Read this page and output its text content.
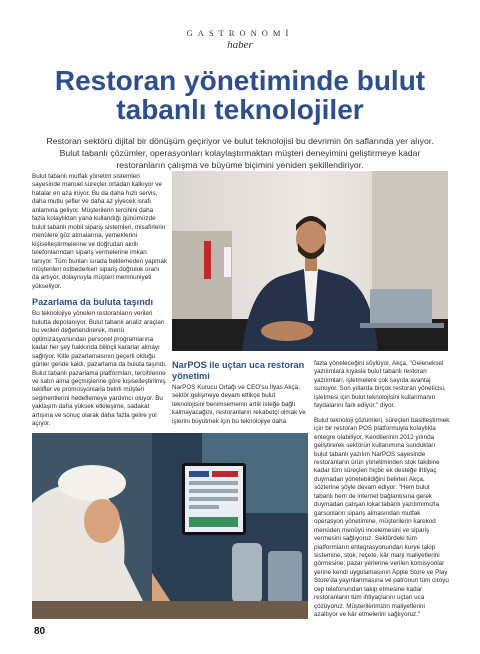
GASTRONOMİ
haber
Restoran yönetiminde bulut tabanlı teknolojiler
Restoran sektörü dijital bir dönüşüm geçiriyor ve bulut teknolojisi bu devrimin ön saflarında yer alıyor. Bulut tabanlı çözümler, operasyonları kolaylaştırmaktan müşteri deneyimini geliştirmeye kadar restoranların çalışma ve büyüme biçimini yeniden şekillendiriyor.

Bulut tabanlı mutfak yönetim sistemleri sayesinde manuel süreçler ortadan kalkıyor ve hatalar en aza iniyor. Bu da daha hızlı servis, daha mutlu şefler ve daha az yiyecek israfı anlamına geliyor. Müşterilerin tercihini daha fazla kolaylıktan yana kullandığı günümüzde bulut tabanlı mobil sipariş sistemleri, misafirlerin menülere göz atmalarına, yemeklerini kişiselleştirmelerine ve doğrudan akıllı telefonlarından sipariş vermelerine imkan tanıyor. Tüm bunları sırada beklemeden yapmak müşterileri ostbederken sipariş doğruluk oranı da artıyor, dolayısıyla müşteri memnuniyeti yükseliyor.

Pazarlama da buluta taşındı

Bu teknolojiye yönelen restoranların verileri bulutta depolanıyor. Bulut tabanlı analiz araçları bu verileri değerlendirerek, menü optimizasyonundan personel programlarına kadar her şey hakkında bilinçli kararlar almayı sağlıyor. Kitle pazarlamasının geçerli olduğu günler geride kaldı, pazarlama da buluta taşındı. Bulut tabanlı pazarlama platformları, tercihlerine ve satın alma geçmişlerine göre kişiselleştirilmiş teklifler ve promosyonlarla belirli müşteri segmentlerini hedeflemeye yardımcı oluyor. Bu yaklaşım daha yüksek etkileşime, sadakat artışına ve sonuç olarak daha fazla gelire yol açıyor.

NarPOS ile uçtan uca restoran yönetimi

NarPOS Kurucu Ortağı ve CEO'su İlyas Akça, sektör gelişmeye devam ettikçe bulut teknolojisini benimsemenin artık isteğe bağlı kalmayacağını, restoranların rekabetçi olmak ve işlerini büyütmek için bu teknolojiye daha

fazla yöneleceğini söylüyor. Akça, "Geleneksel yazılımlara kıyasla bulut tabanlı restoran yazılımları, işletmelere çok sayıda avantaj sunuyor. Son yıllarda birçok restoran yöneticisi, işletmesi için bulut teknolojisini kullanmanın faydalarını fark ediyor." diyor.

Bulut teknoloji çözümleri, süreçleri basitleştirmek için bir restoran POS platformuyla kolaylıkla entegre olabiliyor. Kendilerinin 2012 yılında geliştirerek sektörün kullanımına sundukları bulut tabanlı yazılım NarPOS sayesinde restoranların ürün yönetiminden stok takibine kadar tüm süreçleri hiçbir ek desteğe ihtiyaç duymadan yönetebildiğini belirten Akça, sözlerine şöyle devam ediyor: "Hem bulut tabanlı hem de internet bağlantısına gerek duymadan çalışan lokal tabanlı yazılımımızla garsonların sipariş almasından mutfak operasyon yönetimine, müşterilerin karekod menüden menüyü incelemesini ve sipariş vermesini sağlıyoruz. Sektördeki tüm platformların entegrasyonundan kurye takip sistemine, stok, reçete, kâr marjı maliyetlerini görmesine; pazar yerlerine verilen komisyonlar yerine kendi uygulamasının Apple Store ve Play Store'da yayınlanmasına ve patronun tüm ciroyu cep telefonundan takip etmesine kadar restoranların tüm ihtiyaçlarını uçtan uca çözüyoruz. Müşterilerimizin maliyetlerini azaltıyor ve kâr etmelerini sağlıyoruz."

80
